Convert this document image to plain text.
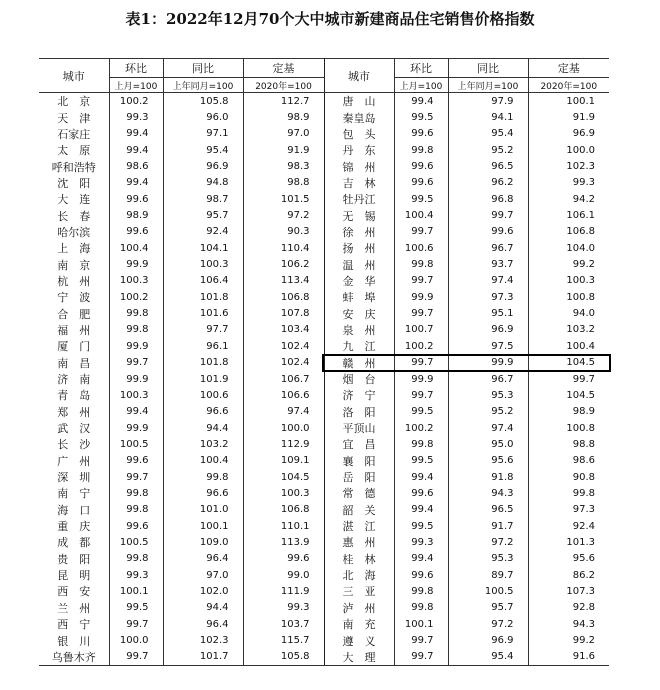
表1：2022年12月70个大中城市新建商品住宅销售价格指数
城市	环比	同比	定基	城市	环比	同比	定基
	上月=100	上年同月=100	2020年=100		上月=100	上年同月=100	2020年=100
北　京	100.2	105.8	112.7	唐　山	99.4	97.9	100.1
天　津	99.3	96.0	98.9	秦皇岛	99.5	94.1	91.9
石家庄	99.4	97.1	97.0	包　头	99.6	95.4	96.9
太　原	99.4	95.4	91.9	丹　东	99.8	95.2	100.0
呼和浩特	98.6	96.9	98.3	锦　州	99.6	96.5	102.3
沈　阳	99.4	94.8	98.8	吉　林	99.6	96.2	99.3
大　连	99.6	98.7	101.5	牡丹江	99.5	96.8	94.2
长　春	98.9	95.7	97.2	无　锡	100.4	99.7	106.1
哈尔滨	99.6	92.4	90.3	徐　州	99.7	99.6	106.8
上　海	100.4	104.1	110.4	扬　州	100.6	96.7	104.0
南　京	99.9	100.3	106.2	温　州	99.8	93.7	99.2
杭　州	100.3	106.4	113.4	金　华	99.7	97.4	100.3
宁　波	100.2	101.8	106.8	蚌　埠	99.9	97.3	100.8
合　肥	99.8	101.6	107.8	安　庆	99.7	95.1	94.0
福　州	99.8	97.7	103.4	泉　州	100.7	96.9	103.2
厦　门	99.9	96.1	102.4	九　江	100.2	97.5	100.4
南　昌	99.7	101.8	102.4	赣　州	99.7	99.9	104.5
济　南	99.9	101.9	106.7	烟　台	99.9	96.7	99.7
青　岛	100.3	100.6	106.6	济　宁	99.7	95.3	104.5
郑　州	99.4	96.6	97.4	洛　阳	99.5	95.2	98.9
武　汉	99.9	94.4	100.0	平顶山	100.2	97.4	100.8
长　沙	100.5	103.2	112.9	宜　昌	99.8	95.0	98.8
广　州	99.6	100.4	109.1	襄　阳	99.5	95.6	98.6
深　圳	99.7	99.8	104.5	岳　阳	99.4	91.8	90.8
南　宁	99.8	96.6	100.3	常　德	99.6	94.3	99.8
海　口	99.8	101.0	106.8	韶　关	99.4	96.5	97.3
重　庆	99.6	100.1	110.1	湛　江	99.5	91.7	92.4
成　都	100.5	109.0	113.9	惠　州	99.3	97.2	101.3
贵　阳	99.8	96.4	99.6	桂　林	99.4	95.3	95.6
昆　明	99.3	97.0	99.0	北　海	99.6	89.7	86.2
西　安	100.1	102.0	111.9	三　亚	99.8	100.5	107.3
兰　州	99.5	94.4	99.3	泸　州	99.8	95.7	92.8
西　宁	99.7	96.4	103.7	南　充	100.1	97.2	94.3
银　川	100.0	102.3	115.7	遵　义	99.7	96.9	99.2
乌鲁木齐	99.7	101.7	105.8	大　理	99.7	95.4	91.6
